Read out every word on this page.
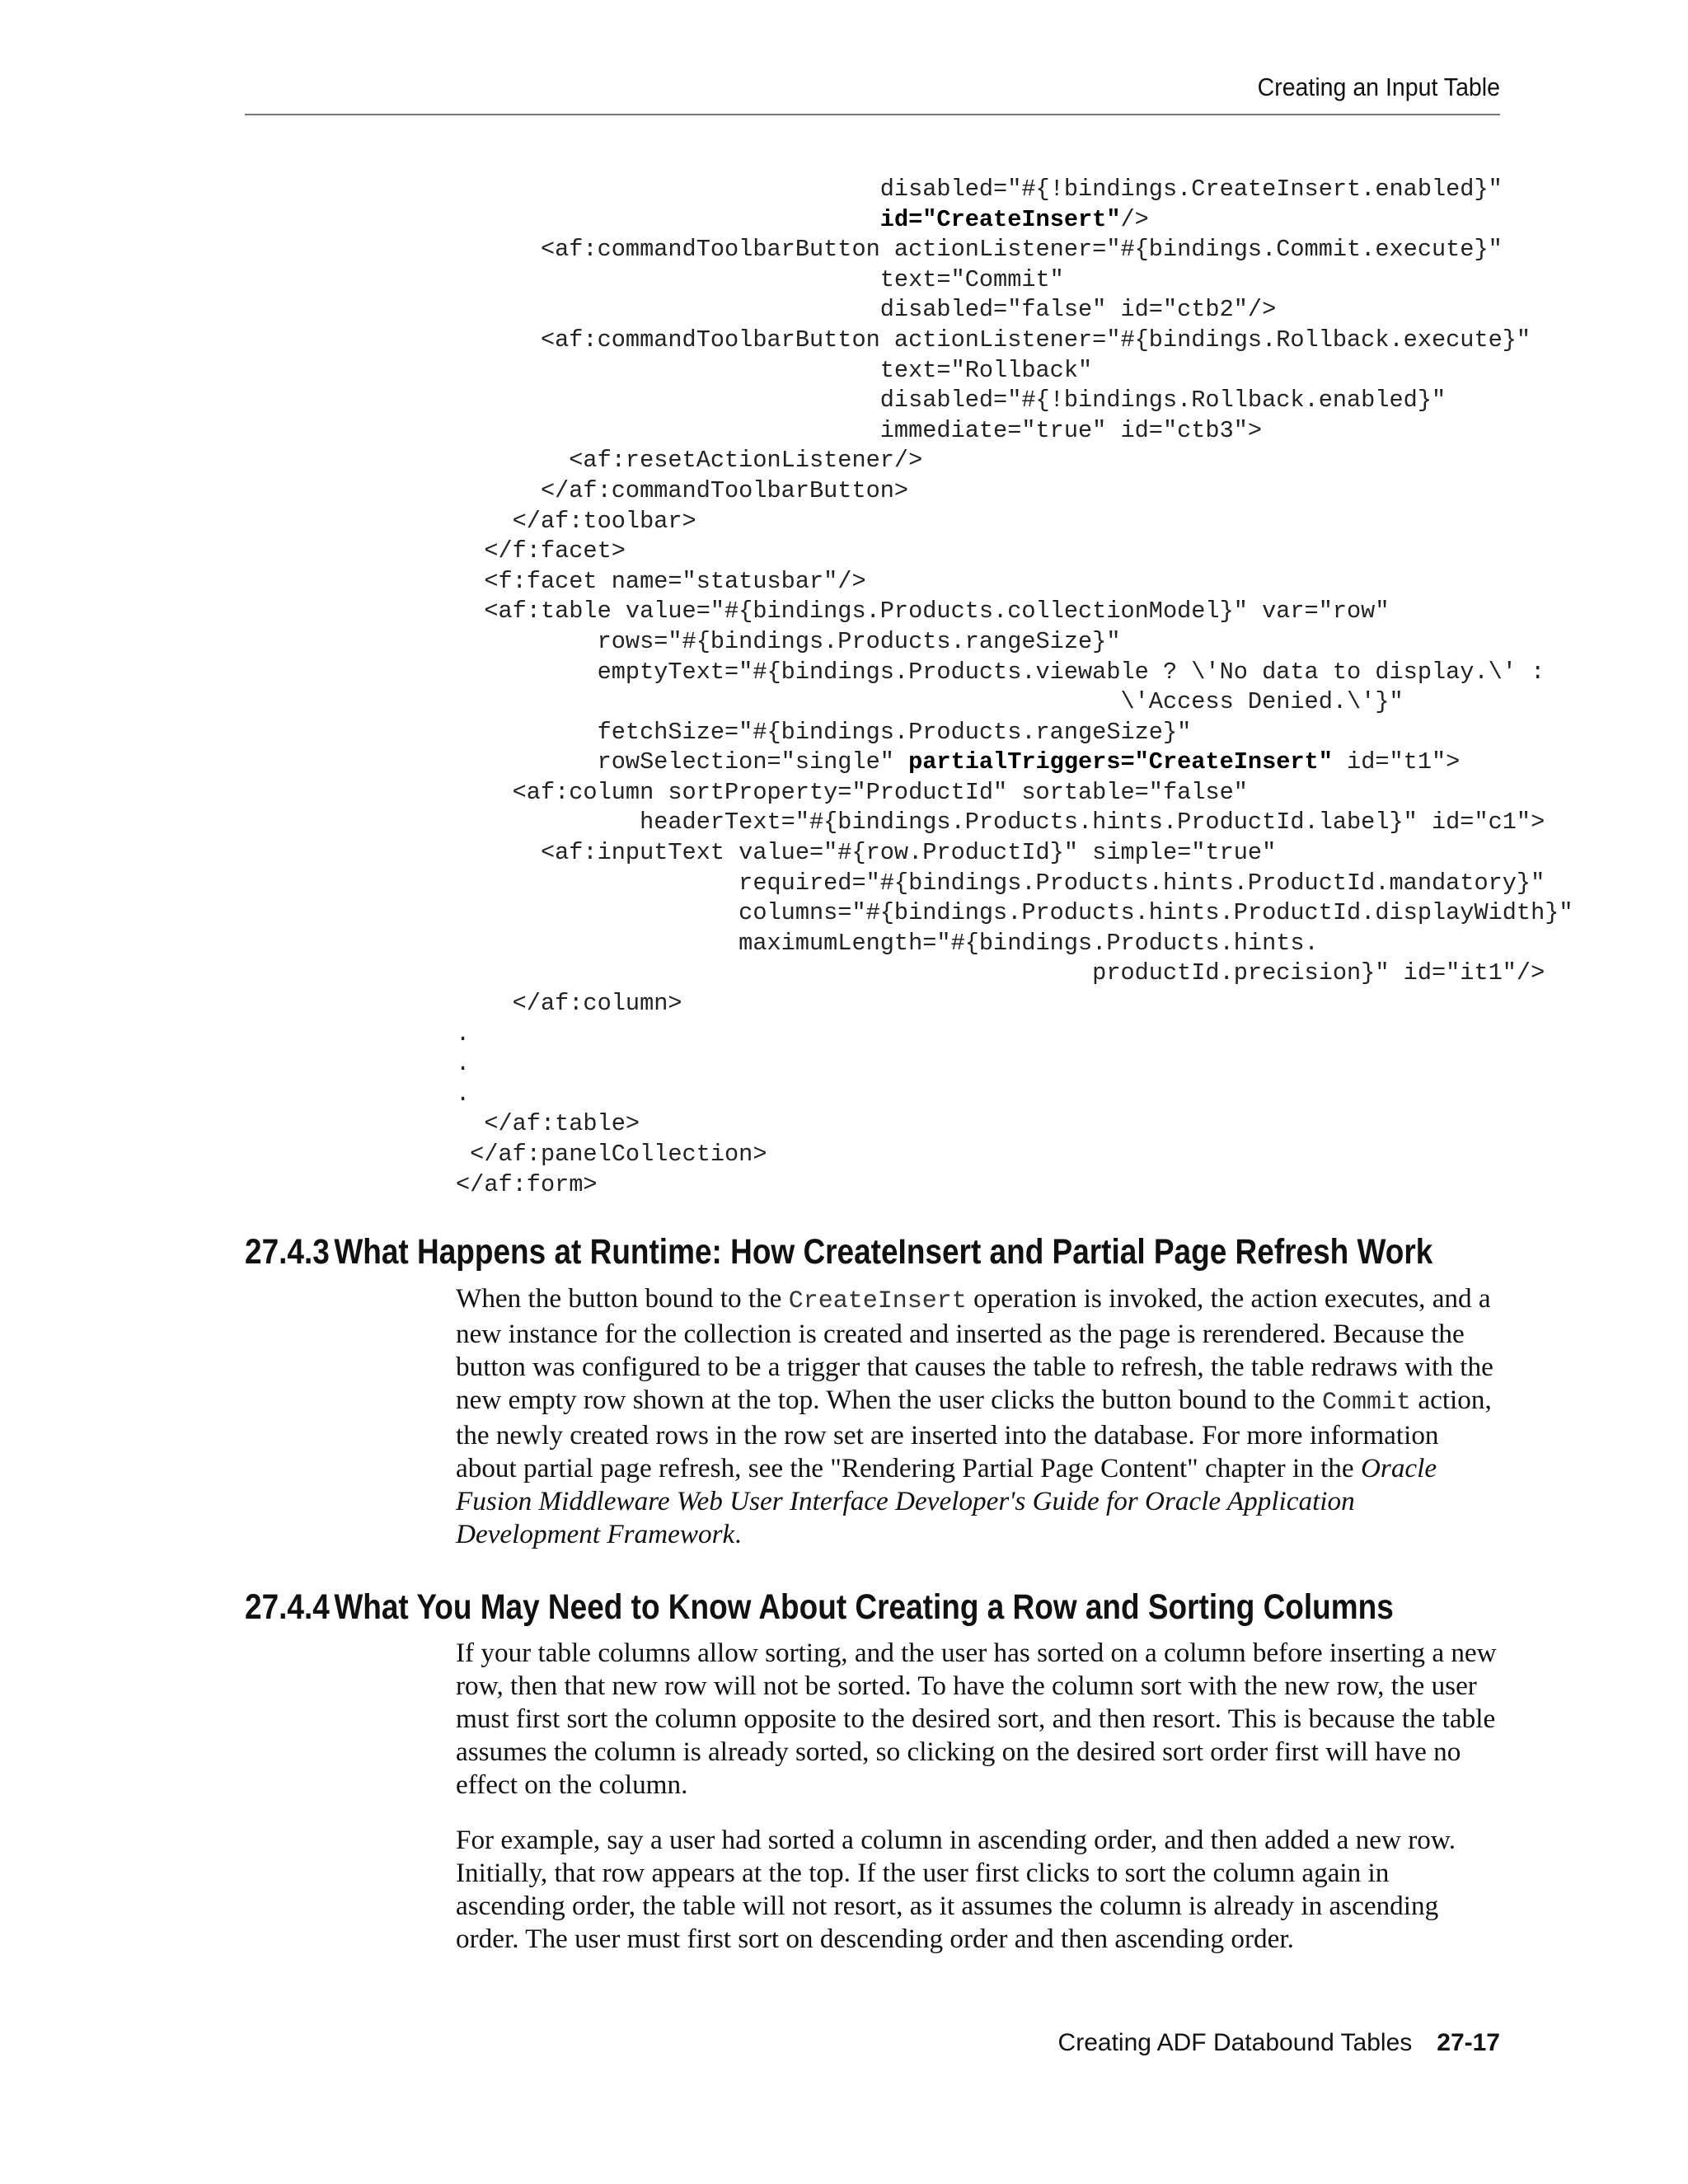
Creating an Input Table
disabled="#{!bindings.CreateInsert.enabled}"
id="CreateInsert"/>
<af:commandToolbarButton actionListener="#{bindings.Commit.execute}"
text="Commit"
disabled="false" id="ctb2"/>
<af:commandToolbarButton actionListener="#{bindings.Rollback.execute}"
text="Rollback"
disabled="#{!bindings.Rollback.enabled}"
immediate="true" id="ctb3">
<af:resetActionListener/>
</af:commandToolbarButton>
</af:toolbar>
</f:facet>
<f:facet name="statusbar"/>
<af:table value="#{bindings.Products.collectionModel}" var="row"
rows="#{bindings.Products.rangeSize}"
emptyText="#{bindings.Products.viewable ? \'No data to display.\' :
\'Access Denied.\'}"
fetchSize="#{bindings.Products.rangeSize}"
rowSelection="single" partialTriggers="CreateInsert" id="t1">
<af:column sortProperty="ProductId" sortable="false"
headerText="#{bindings.Products.hints.ProductId.label}" id="c1">
<af:inputText value="#{row.ProductId}" simple="true"
required="#{bindings.Products.hints.ProductId.mandatory}"
columns="#{bindings.Products.hints.ProductId.displayWidth}"
maximumLength="#{bindings.Products.hints.
productId.precision}" id="it1"/>
</af:column>
.
.
.
</af:table>
</af:panelCollection>
</af:form>
27.4.3 What Happens at Runtime: How CreateInsert and Partial Page Refresh Work

When the button bound to the CreateInsert operation is invoked, the action executes, and a new instance for the collection is created and inserted as the page is rerendered. Because the button was configured to be a trigger that causes the table to refresh, the table redraws with the new empty row shown at the top. When the user clicks the button bound to the Commit action, the newly created rows in the row set are inserted into the database. For more information about partial page refresh, see the "Rendering Partial Page Content" chapter in the Oracle Fusion Middleware Web User Interface Developer's Guide for Oracle Application Development Framework.

27.4.4 What You May Need to Know About Creating a Row and Sorting Columns

If your table columns allow sorting, and the user has sorted on a column before inserting a new row, then that new row will not be sorted. To have the column sort with the new row, the user must first sort the column opposite to the desired sort, and then resort. This is because the table assumes the column is already sorted, so clicking on the desired sort order first will have no effect on the column.

For example, say a user had sorted a column in ascending order, and then added a new row. Initially, that row appears at the top. If the user first clicks to sort the column again in ascending order, the table will not resort, as it assumes the column is already in ascending order. The user must first sort on descending order and then ascending order.

Creating ADF Databound Tables 27-17
